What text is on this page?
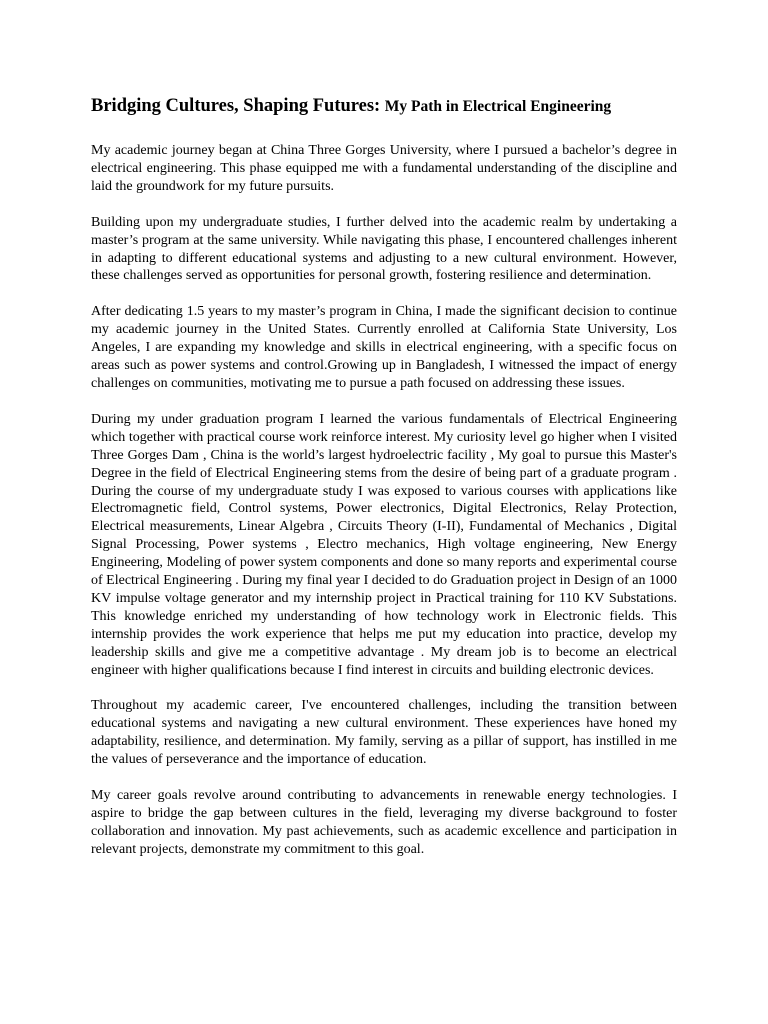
Bridging Cultures, Shaping Futures: My Path in Electrical Engineering

My academic journey began at China Three Gorges University, where I pursued a bachelor’s degree in electrical engineering. This phase equipped me with a fundamental understanding of the discipline and laid the groundwork for my future pursuits.

Building upon my undergraduate studies, I further delved into the academic realm by undertaking a master’s program at the same university. While navigating this phase, I encountered challenges inherent in adapting to different educational systems and adjusting to a new cultural environment. However, these challenges served as opportunities for personal growth, fostering resilience and determination.

After dedicating 1.5 years to my master’s program in China, I made the significant decision to continue my academic journey in the United States. Currently enrolled at California State University, Los Angeles, I are expanding my knowledge and skills in electrical engineering, with a specific focus on areas such as power systems and control.Growing up in Bangladesh, I witnessed the impact of energy challenges on communities, motivating me to pursue a path focused on addressing these issues.

During my under graduation program I learned the various fundamentals of Electrical Engineering which together with practical course work reinforce interest. My curiosity level go higher when I visited Three Gorges Dam , China is the world’s largest hydroelectric facility , My goal to pursue this Master's Degree in the field of Electrical Engineering stems from the desire of being part of a graduate program . During the course of my undergraduate study I was exposed to various courses with applications like Electromagnetic field, Control systems, Power electronics, Digital Electronics, Relay Protection, Electrical measurements, Linear Algebra , Circuits Theory (I-II), Fundamental of Mechanics , Digital Signal Processing, Power systems , Electro mechanics, High voltage engineering, New Energy Engineering, Modeling of power system components and done so many reports and experimental course of Electrical Engineering . During my final year I decided to do Graduation project in Design of an 1000 KV impulse voltage generator and my internship project in Practical training for 110 KV Substations. This knowledge enriched my understanding of how technology work in Electronic fields. This internship provides the work experience that helps me put my education into practice, develop my leadership skills and give me a competitive advantage . My dream job is to become an electrical engineer with higher qualifications because I find interest in circuits and building electronic devices.

Throughout my academic career, I've encountered challenges, including the transition between educational systems and navigating a new cultural environment. These experiences have honed my adaptability, resilience, and determination. My family, serving as a pillar of support, has instilled in me the values of perseverance and the importance of education.

My career goals revolve around contributing to advancements in renewable energy technologies. I aspire to bridge the gap between cultures in the field, leveraging my diverse background to foster collaboration and innovation. My past achievements, such as academic excellence and participation in relevant projects, demonstrate my commitment to this goal.
